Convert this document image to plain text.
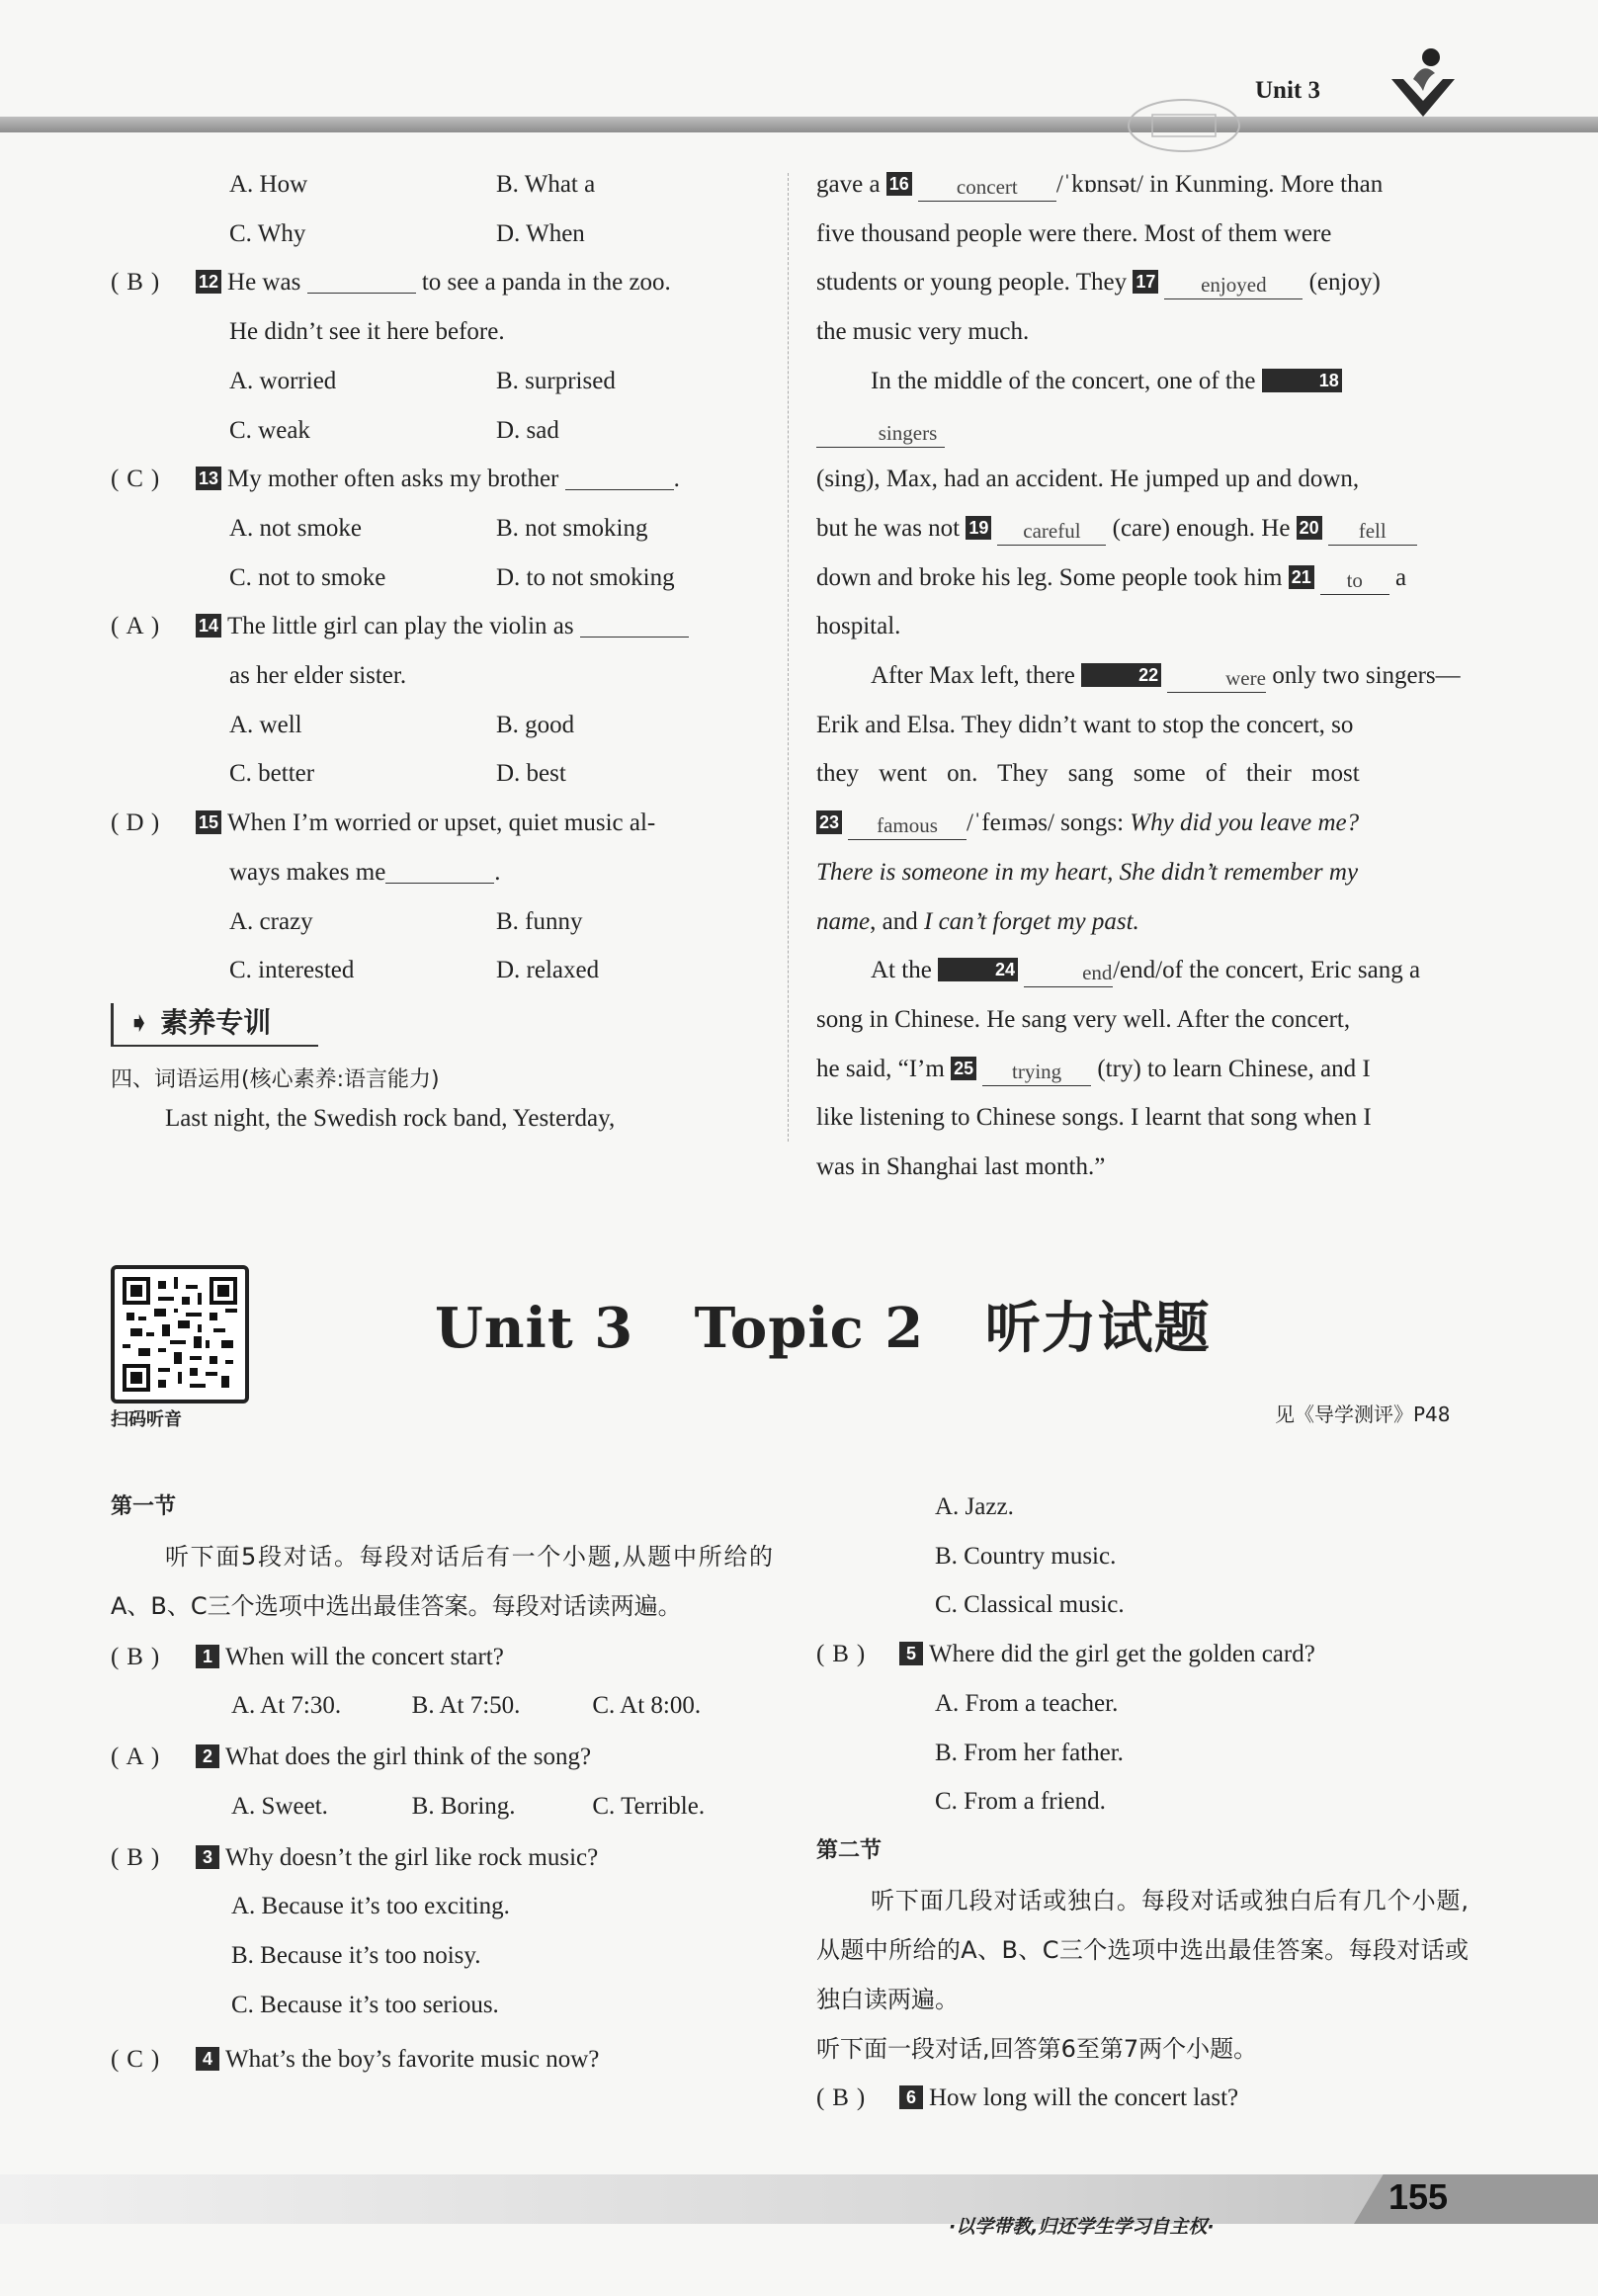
Unit 3
A. How	B. What a
C. Why	D. When
( B )	12 He was	to see a panda in the zoo.
He didn’t see it here before.
A. worried	B. surprised
C. weak	D. sad
( C )	13 My mother often asks my brother	.
A. not smoke	B. not smoking
C. not to smoke	D. to not smoking
( A )	14 The little girl can play the violin as
as her elder sister.
A. well	B. good
C. better	D. best
( D )	15 When I’m worried or upset, quiet music al-
ways makes me	.
A. crazy	B. funny
C. interested	D. relaxed
➧ 素养专训
四、词语运用(核心素养:语言能力)
Last night, the Swedish rock band, Yesterday,
gave a 16 concert /ˈkɒnsət/ in Kunming. More than
five thousand people were there. Most of them were
students or young people. They 17 enjoyed (enjoy)
the music very much.
In the middle of the concert, one of the	18singers
(sing), Max, had an accident. He jumped up and down,
but he was not 19 careful (care) enough. He 20 fell
down and broke his leg. Some people took him 21 to a
hospital.
After Max left, there	22	were only two singers—
Erik and Elsa. They didn’t want to stop the concert, so
they went on. They sang some of their most
23 famous /ˈfeɪməs/ songs: Why did you leave me?
There is someone in my heart, She didn’t remember my
name, and I can’t forget my past.
At the	24	end/end/of the concert, Eric sang a
song in Chinese. He sang very well. After the concert,
he said, “I’m 25 trying (try) to learn Chinese, and I
like listening to Chinese songs. I learnt that song when I
was in Shanghai last month.”
扫码听音
Unit 3   Topic 2   听力试题
见《导学测评》P48
第一节
听下面5段对话。每段对话后有一个小题,从题中所给的A、B、C三个选项中选出最佳答案。每段对话读两遍。
( B )	1 When will the concert start?
A. At 7:30.	B. At 7:50.	C. At 8:00.
( A )	2 What does the girl think of the song?
A. Sweet.	B. Boring.	C. Terrible.
( B )	3 Why doesn’t the girl like rock music?
A. Because it’s too exciting.
B. Because it’s too noisy.
C. Because it’s too serious.
( C )	4 What’s the boy’s favorite music now?
A. Jazz.
B. Country music.
C. Classical music.
( B )	5 Where did the girl get the golden card?
A. From a teacher.
B. From her father.
C. From a friend.
第二节
听下面几段对话或独白。每段对话或独白后有几个小题,从题中所给的A、B、C三个选项中选出最佳答案。每段对话或独白读两遍。
听下面一段对话,回答第6至第7两个小题。
( B )	6 How long will the concert last?
·以学带教,归还学生学习自主权·
155
